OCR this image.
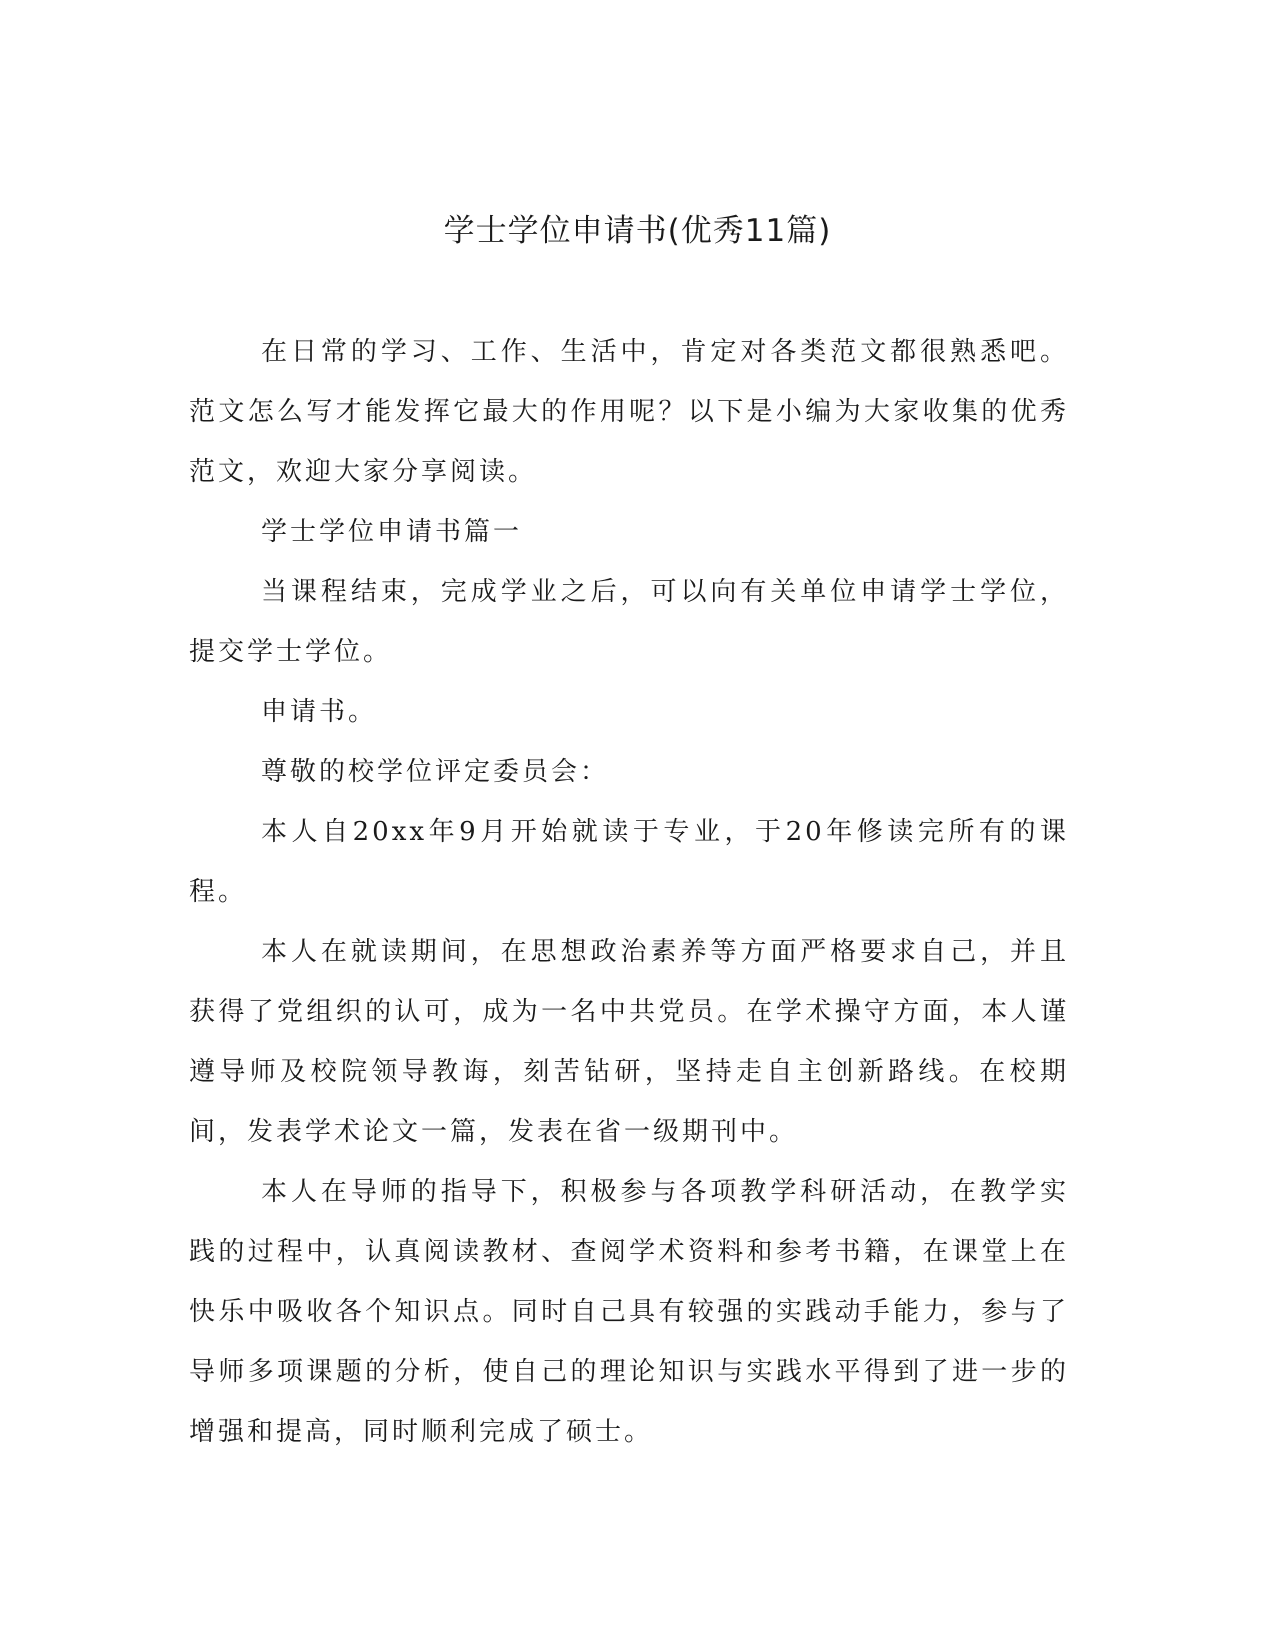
学士学位申请书(优秀11篇)

在日常的学习、工作、生活中，肯定对各类范文都很熟悉吧。范文怎么写才能发挥它最大的作用呢？以下是小编为大家收集的优秀范文，欢迎大家分享阅读。

学士学位申请书篇一

当课程结束，完成学业之后，可以向有关单位申请学士学位，提交学士学位。

申请书。

尊敬的校学位评定委员会：

本人自20xx年9月开始就读于专业，于20年修读完所有的课程。

本人在就读期间，在思想政治素养等方面严格要求自己，并且获得了党组织的认可，成为一名中共党员。在学术操守方面，本人谨遵导师及校院领导教诲，刻苦钻研，坚持走自主创新路线。在校期间，发表学术论文一篇，发表在省一级期刊中。

本人在导师的指导下，积极参与各项教学科研活动，在教学实践的过程中，认真阅读教材、查阅学术资料和参考书籍，在课堂上在快乐中吸收各个知识点。同时自己具有较强的实践动手能力，参与了导师多项课题的分析，使自己的理论知识与实践水平得到了进一步的增强和提高，同时顺利完成了硕士。
